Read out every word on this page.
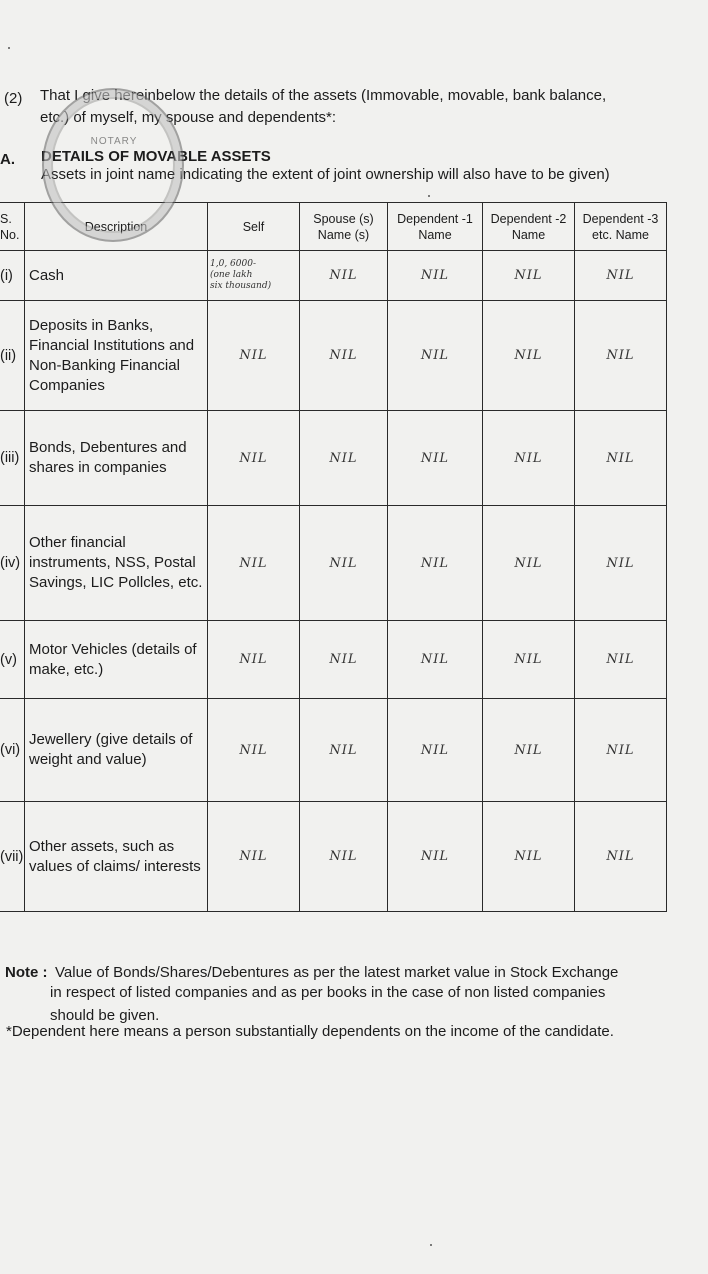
(2) That I give hereinbelow the details of the assets (Immovable, movable, bank balance,
etc.) of myself, my spouse and dependents*:
A. DETAILS OF MOVABLE ASSETS
Assets in joint name indicating the extent of joint ownership will also have to be given)
S. No.	Description	Self	Spouse (s) Name (s)	Dependent -1 Name	Dependent -2 Name	Dependent -3 etc. Name
(i)	Cash	1,0, 6000-
(one lakh
six thousand)	NIL	NIL	NIL	NIL
(ii)	Deposits in Banks, Financial Institutions and Non-Banking Financial Companies	NIL	NIL	NIL	NIL	NIL
(iii)	Bonds, Debentures and shares in companies	NIL	NIL	NIL	NIL	NIL
(iv)	Other financial instruments, NSS, Postal Savings, LIC Pollcles, etc.	NIL	NIL	NIL	NIL	NIL
(v)	Motor Vehicles (details of make, etc.)	NIL	NIL	NIL	NIL	NIL
(vi)	Jewellery (give details of weight and value)	NIL	NIL	NIL	NIL	NIL
(vii)	Other assets, such as values of claims/ interests	NIL	NIL	NIL	NIL	NIL
Note : Value of Bonds/Shares/Debentures as per the latest market value in Stock Exchange
in respect of listed companies and as per books in the case of non listed companies
should be given.
*Dependent here means a person substantially dependents on the income of the candidate.
NOTARY
